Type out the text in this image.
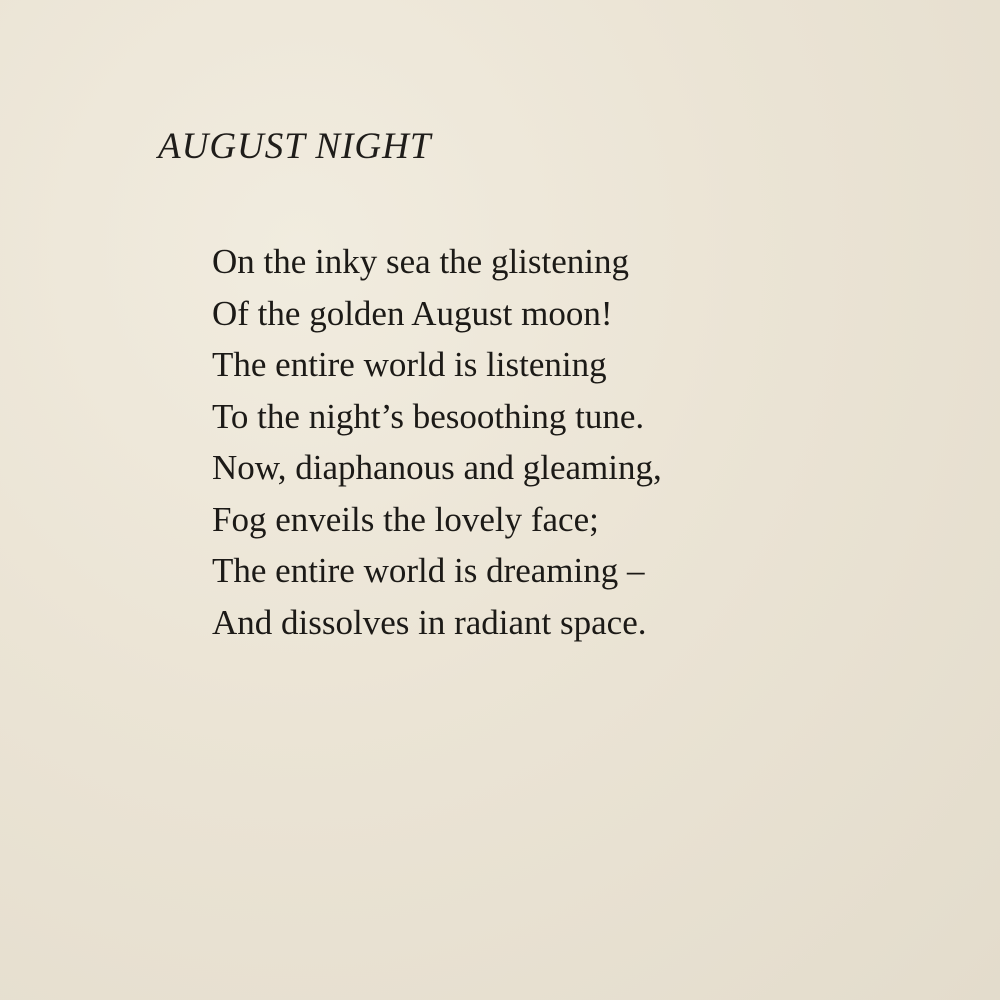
AUGUST NIGHT
On the inky sea the glistening
Of the golden August moon!
The entire world is listening
To the night’s besoothing tune.
Now, diaphanous and gleaming,
Fog enveils the lovely face;
The entire world is dreaming –
And dissolves in radiant space.
